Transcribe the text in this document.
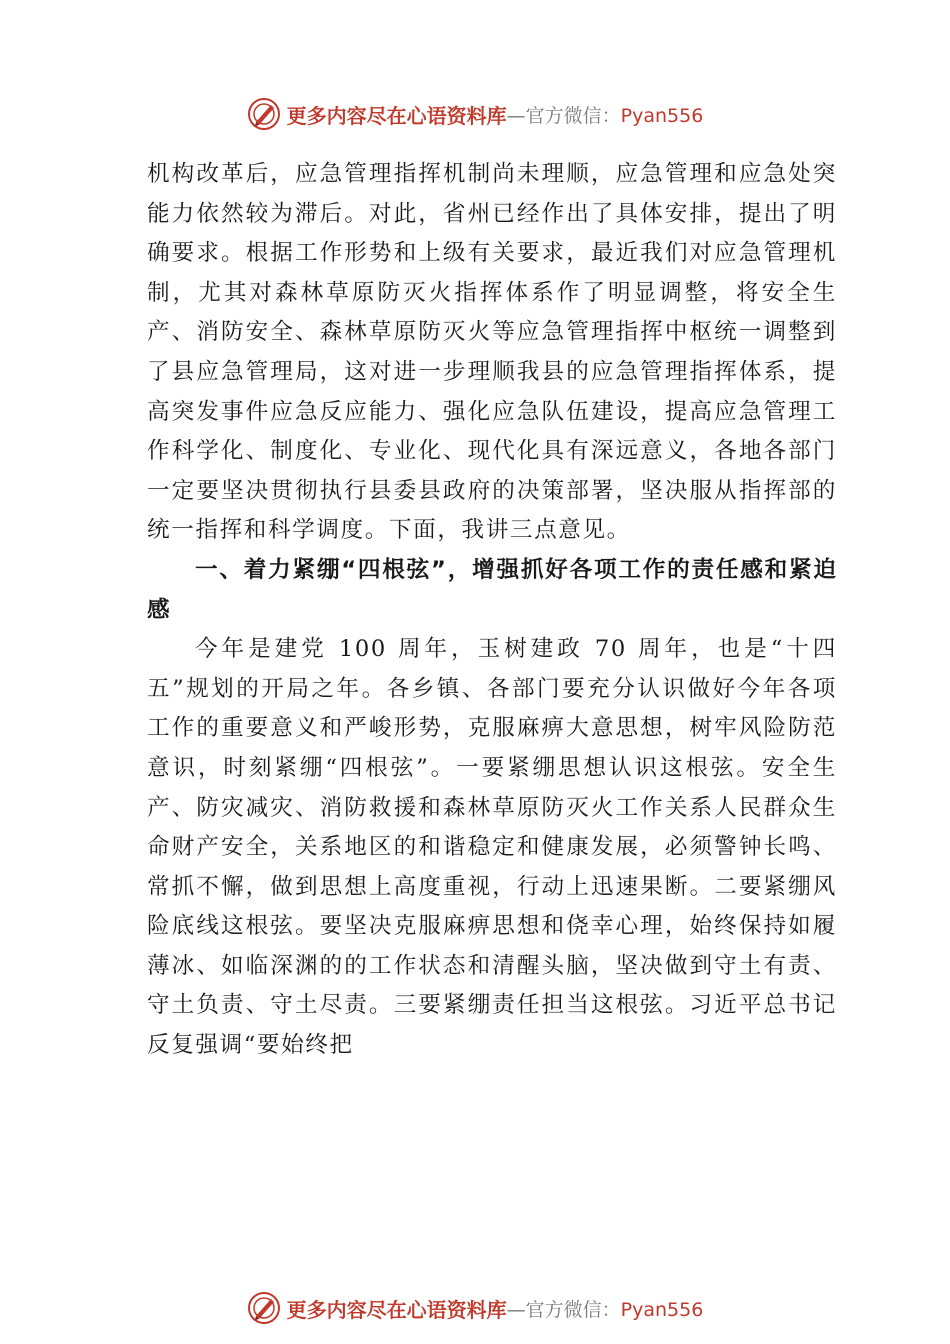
更多内容尽在心语资料库 —官方微信：Pyan556

机构改革后，应急管理指挥机制尚未理顺，应急管理和应急处突能力依然较为滞后。对此，省州已经作出了具体安排，提出了明确要求。根据工作形势和上级有关要求，最近我们对应急管理机制，尤其对森林草原防灭火指挥体系作了明显调整，将安全生产、消防安全、森林草原防灭火等应急管理指挥中枢统一调整到了县应急管理局，这对进一步理顺我县的应急管理指挥体系，提高突发事件应急反应能力、强化应急队伍建设，提高应急管理工作科学化、制度化、专业化、现代化具有深远意义，各地各部门一定要坚决贯彻执行县委县政府的决策部署，坚决服从指挥部的统一指挥和科学调度。下面，我讲三点意见。

一、着力紧绷“四根弦”，增强抓好各项工作的责任感和紧迫感

今年是建党 100 周年，玉树建政 70 周年，也是“十四五”规划的开局之年。各乡镇、各部门要充分认识做好今年各项工作的重要意义和严峻形势，克服麻痹大意思想，树牢风险防范意识，时刻紧绷“四根弦”。一要紧绷思想认识这根弦。安全生产、防灾减灾、消防救援和森林草原防灭火工作关系人民群众生命财产安全，关系地区的和谐稳定和健康发展，必须警钟长鸣、常抓不懈，做到思想上高度重视，行动上迅速果断。二要紧绷风险底线这根弦。要坚决克服麻痹思想和侥幸心理，始终保持如履薄冰、如临深渊的的工作状态和清醒头脑，坚决做到守土有责、守土负责、守土尽责。三要紧绷责任担当这根弦。习近平总书记反复强调“要始终把

更多内容尽在心语资料库 —官方微信：Pyan556
